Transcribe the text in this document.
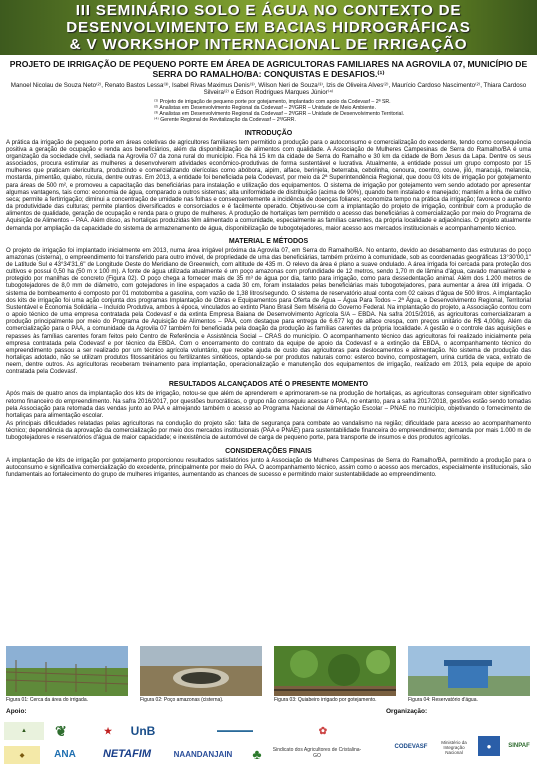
III SEMINÁRIO SOLO E ÁGUA NO CONTEXTO DE
DESENVOLVIMENTO EM BACIAS HIDROGRÁFICAS
& V WORKSHOP INTERNACIONAL DE IRRIGAÇÃO
PROJETO DE IRRIGAÇÃO DE PEQUENO PORTE EM ÁREA DE AGRICULTORAS FAMILIARES NA AGROVILA 07, MUNICÍPIO DE SERRA DO RAMALHO/BA: CONQUISTAS E DESAFIOS.⁽¹⁾
Manoel Nicolau de Souza Neto⁽²⁾, Renato Bastos Lessa⁽³⁾, Isabel Rivas Maximus Denis⁽³⁾, Wilson Neri de Souza⁽³⁾, Izis de Oliveira Alves⁽²⁾, Maurício Cardoso Nascimento⁽²⁾, Thiara Cardoso Silveira⁽²⁾ e Edson Rodrigues Marques Júnior⁽⁴⁾
⁽¹⁾ Projeto de irrigação de pequeno porte por gotejamento, implantado com apoio da Codevasf – 2ª SR.
⁽²⁾ Analistas em Desenvolvimento Regional da Codevasf – 2ª/GRR – Unidade de Meio Ambiente.
⁽³⁾ Analistas em Desenvolvimento Regional da Codevasf – 2ª/GRR – Unidade de Desenvolvimento Territorial.
⁽⁴⁾ Gerente Regional de Revitalização da Codevasf – 2ª/GRR.
INTRODUÇÃO

A prática da irrigação de pequeno porte em áreas coletivas de agricultores familiares tem permitido a produção para o autoconsumo e comercialização do excedente, tendo como consequência positiva a geração de ocupação e renda aos beneficiários, além da disponibilização de alimentos com qualidade. A Associação de Mulheres Campesinas de Serra do Ramalho/BA é uma organização da sociedade civil, sediada na Agrovila 07 da zona rural do município. Fica há 15 km da cidade de Serra do Ramalho e 30 km da cidade de Bom Jesus da Lapa. Dentre os seus associados, procura estimular as mulheres a desenvolverem atividades econômico-produtivas de forma sustentável e lucrativa. Atualmente, a entidade possui um grupo composto por 15 mulheres que praticam olericultura, produzindo e comercializando olerícolas como abóbora, aipim, alface, berinjela, beterraba, cebolinha, cenoura, coentro, couve, jiló, maracujá, melancia, mostarda, pimentão, quiabo, rúcula, dentre outras. Em 2013, a entidade foi beneficiada pela Codevasf, por meio da 2ª Superintendência Regional, que doou 03 kits de irrigação por gotejamento para áreas de 500 m², e promoveu a capacitação das beneficiárias para instalação e utilização dos equipamentos. O sistema de irrigação por gotejamento vem sendo adotado por apresentar algumas vantagens, tais como: economia de água, comparado a outros sistemas; alta uniformidade de distribuição (acima de 90%), quando bem instalado e manejado; mantém a linha de cultivo seca; permite a fertirrigação; diminui a concentração de umidade nas folhas e consequentemente a incidência de doenças foliares; economiza tempo na prática da irrigação; favorece o aumento da produtividade das culturas; permite plantios diversificados e consorciados e é facilmente operado. Objetivou-se com a implantação do projeto de irrigação, contribuir com a produção de alimentos de qualidade, geração de ocupação e renda para o grupo de mulheres. A produção de hortaliças tem permitido o acesso das beneficiárias à comercialização por meio do Programa de Aquisição de Alimentos – PAA. Além disso, as hortaliças produzidas têm alimentado a comunidade, especialmente as famílias carentes, da própria localidade e adjacências. O projeto atualmente demanda por ampliação da capacidade do sistema de armazenamento de água, disponibilização de tubogotejadores, maior acesso aos mercados institucionais e acompanhamento técnico.

MATERIAL E MÉTODOS

O projeto de irrigação foi implantado inicialmente em 2013, numa área irrigável próxima da Agrovila 07, em Serra do Ramalho/BA. No entanto, devido ao desabamento das estruturas do poço amazonas (cisterna), o empreendimento foi transferido para outro imóvel, de propriedade de uma das beneficiárias, também próximo à comunidade, sob as coordenadas geográficas 13°30'00,1'' de Latitude Sul e 43°34'31,6'' de Longitude Oeste do Meridiano de Greenwich, com altitude de 435 m. O relevo da área é plano a suave ondulado. A área irrigada foi cercada para proteção dos cultivos e possui 0,50 ha (50 m x 100 m). A fonte de água utilizada atualmente é um poço amazonas com profundidade de 12 metros, sendo 1,70 m de lâmina d'água, cavado manualmente e protegido por manilhas de concreto (Figura 02). O poço chega a fornecer mais de 35 m³ de água por dia, tanto para irrigação, como para dessedentação animal. Além dos 1.200 metros de tubogotejadores de 8,0 mm de diâmetro, com gotejadores in line espaçados a cada 30 cm, foram instalados pelas beneficiárias mais tubogotejadores, para aumentar a área útil irrigada. O sistema de bombeamento é composto por 01 motobomba a gasolina, com vazão de 1,38 litros/segundo. O sistema de reservatório atual conta com 02 caixas d'água de 500 litros. A implantação dos kits de irrigação foi uma ação conjunta dos programas Implantação de Obras e Equipamentos para Oferta de Água – Água Para Todos – 2ª Água, e Desenvolvimento Regional, Territorial Sustentável e Economia Solidária – Incluído Produtiva, ambos à época, vinculados ao extinto Plano Brasil Sem Miséria do Governo Federal. Na implantação do projeto, a Associação contou com o apoio técnico de uma empresa contratada pela Codevasf e da extinta Empresa Baiana de Desenvolvimento Agrícola S/A – EBDA. Na safra 2015/2016, as agricultoras comercializaram a produção principalmente por meio do Programa de Aquisição de Alimentos – PAA, com destaque para entrega de 6.677 kg de alface crespa, com preços unitário de R$ 4,00/kg. Além da comercialização para o PAA, a comunidade da Agrovila 07 também foi beneficiada pela doação da produção às famílias carentes da própria localidade. A gestão e o controle das aquisições e repasses às famílias carentes foram feitos pelo Centro de Referência e Assistência Social – CRAS do município. O acompanhamento técnico das agricultoras foi realizado inicialmente pela empresa contratada pela Codevasf e por técnico da EBDA. Com o encerramento do contrato da equipe de apoio da Codevasf e a extinção da EBDA, o acompanhamento técnico do empreendimento passou a ser realizado por um técnico agrícola voluntário, que recebe ajuda de custo das agricultoras para deslocamentos e alimentação. No sistema de produção das hortaliças adotado, não se utilizam produtos fitossanitários ou fertilizantes sintéticos, optando-se por produtos naturais como: esterco bovino, compostagem, urina curtida de vaca, extrato de neem, dentre outros. As agricultoras receberam treinamento para implantação, operacionalização e manutenção dos equipamentos de irrigação, realizado em 2013, pela equipe de apoio contratada pela Codevasf.

RESULTADOS ALCANÇADOS ATÉ O PRESENTE MOMENTO

Após mais de quatro anos da implantação dos kits de irrigação, notou-se que além de aprenderem e aprimorarem-se na produção de hortaliças, as agricultoras conseguiram obter significativo retorno financeiro do empreendimento. Na safra 2016/2017, por questões burocráticas, o grupo não conseguiu acessar o PAA, no entanto, para a safra 2017/2018, gestões estão sendo tomadas pela Associação para retomada das vendas junto ao PAA e almejando também o acesso ao Programa Nacional de Alimentação Escolar – PNAE no município, objetivando o fornecimento de hortaliças para alimentação escolar.

As principais dificuldades relatadas pelas agricultoras na condução do projeto são: falta de segurança para combate ao vandalismo na região; dificuldade para acesso ao acompanhamento técnico; dependência da aprovação da comercialização por meio dos mercados institucionais (PAA e PNAE) para sustentabilidade financeira do empreendimento; demanda por mais 1.000 m de tubogotejadores e reservatórios d'água de maior capacidade; e inexistência de automóvel de carga de pequeno porte, para transporte de insumos e dos produtos agrícolas.

CONSIDERAÇÕES FINAIS

A implantação de kits de irrigação por gotejamento proporcionou resultados satisfatórios junto à Associação de Mulheres Campesinas de Serra do Ramalho/BA, permitindo a produção para o autoconsumo e significativa comercialização do excedente, principalmente por meio do PAA. O acompanhamento técnico, assim como o acesso aos mercados, especialmente institucionais, são fundamentais ao fortalecimento do grupo de mulheres irrigantes, aumentando as chances de sucesso e permitindo maior sustentabilidade ao empreendimento.

Figura 01: Cerca da área do irrigada.	Figura 02: Poço amazonas (cisterna).	Figura 03: Quiabeiro irrigado por gotejamento.	Figura 04: Reservatório d'água.
Apoio:	Organização:
▲	❦	★	UnB	▬▬▬▬▬▬	✿
◆	ANA	NETAFIM	NAANDANJAIN	♣	Sindicato dos Agricultores de Cristalina-GO
CODEVASF
Ministério da Integração Nacional
●	SINPAF
